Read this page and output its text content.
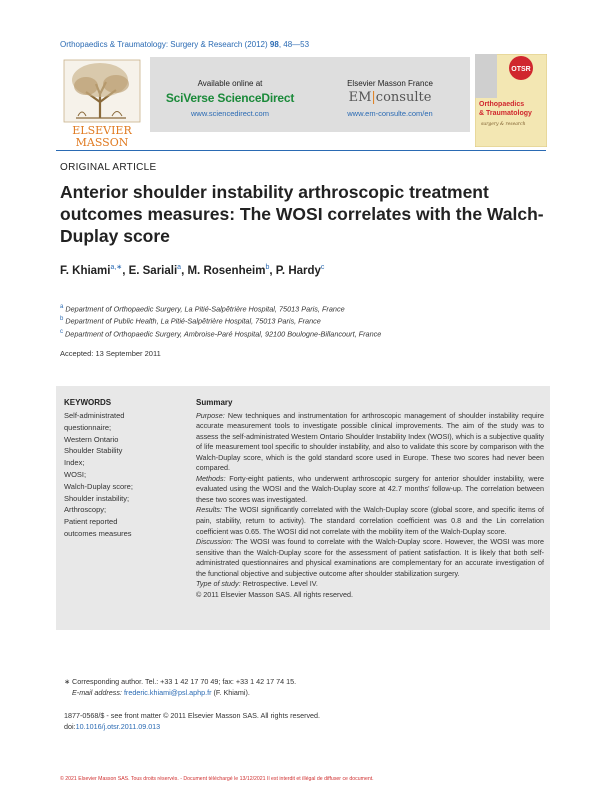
Orthopaedics & Traumatology: Surgery & Research (2012) 98, 48—53
ELSEVIER
MASSON
Available online at
SciVerse ScienceDirect
www.sciencedirect.com
Elsevier Masson France
EM|consulte
www.em-consulte.com/en
OTSR
Orthopaedics
& Traumatology
surgery & research
ORIGINAL ARTICLE
Anterior shoulder instability arthroscopic treatment outcomes measures: The WOSI correlates with the Walch-Duplay score
F. Khiami$^{a,∗}$, E. Sariali$^a$, M. Rosenheim$^b$, P. Hardy$^c$
$^a$ Department of Orthopaedic Surgery, La Pitié-Salpêtrière Hospital, 75013 Paris, France
$^b$ Department of Public Health, La Pitié-Salpêtrière Hospital, 75013 Paris, France
$^c$ Department of Orthopaedic Surgery, Ambroise-Paré Hospital, 92100 Boulogne-Billancourt, France
Accepted: 13 September 2011
KEYWORDS
Self-administrated
questionnaire;
Western Ontario
Shoulder Stability
Index;
WOSI;
Walch-Duplay score;
Shoulder instability;
Arthroscopy;
Patient reported
outcomes measures
Summary

Purpose: New techniques and instrumentation for arthroscopic management of shoulder instability require accurate measurement tools to investigate possible clinical improvements. The aim of the study was to assess the self-administrated Western Ontario Shoulder Instability Index (WOSI), which is a subjective quality of life measurement tool specific to shoulder instability, and also to validate this score by comparison with the Walch-Duplay score, which is the gold standard score used in Europe. These two scores had never been compared.

Methods: Forty-eight patients, who underwent arthroscopic surgery for anterior shoulder instability, were evaluated using the WOSI and the Walch-Duplay score at 42.7 months' follow-up. The correlation between these two scores was investigated.

Results: The WOSI significantly correlated with the Walch-Duplay score (global score, and specific items of pain, stability, return to activity). The standard correlation coefficient was 0.8 and the Lin correlation coefficient was 0.65. The WOSI did not correlate with the mobility item of the Walch-Duplay score.

Discussion: The WOSI was found to correlate with the Walch-Duplay score. However, the WOSI was more sensitive than the Walch-Duplay score for the assessment of patient satisfaction. It is likely that both self-administrated questionnaires and physical examinations are complementary for an accurate investigation of the functional objective and subjective outcome after shoulder stabilization surgery.

Type of study: Retrospective. Level IV.

© 2011 Elsevier Masson SAS. All rights reserved.

∗ Corresponding author. Tel.: +33 1 42 17 70 49; fax: +33 1 42 17 74 15.
E-mail address: frederic.khiami@psl.aphp.fr (F. Khiami).
1877-0568/$ - see front matter © 2011 Elsevier Masson SAS. All rights reserved.
doi:10.1016/j.otsr.2011.09.013
© 2021 Elsevier Masson SAS. Tous droits réservés. - Document téléchargé le 13/12/2021 Il est interdit et illégal de diffuser ce document.
